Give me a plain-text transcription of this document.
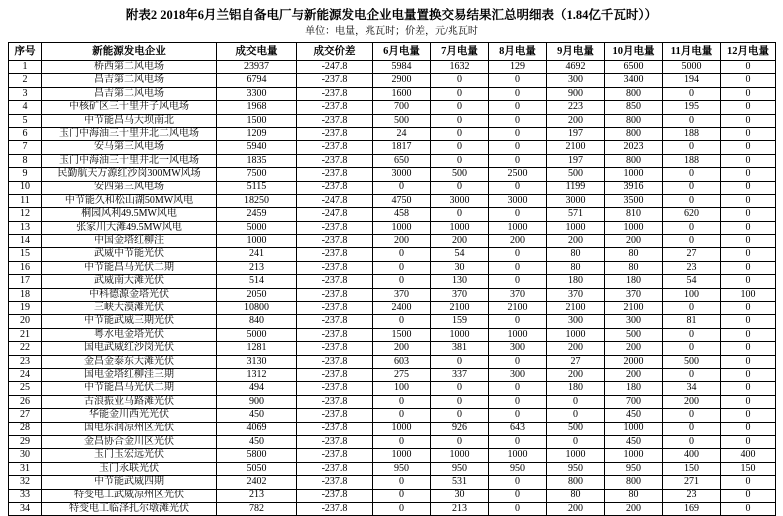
附表2 2018年6月兰铝自备电厂与新能源发电企业电量置换交易结果汇总明细表（1.84亿千瓦时））
单位：电量，兆瓦时；价差，元/兆瓦时
序号	新能源发电企业	成交电量	成交价差	6月电量	7月电量	8月电量	9月电量	10月电量	11月电量	12月电量
1	桥西第二风电场	23937	-247.8	5984	1632	129	4692	6500	5000	0
2	昌吉第二风电场	6794	-237.8	2900	0	0	300	3400	194	0
3	昌吉第二风电场	3300	-237.8	1600	0	0	900	800	0	0
4	中核矿区三十里井子风电场	1968	-237.8	700	0	0	223	850	195	0
5	中节能昌马大坝南北	1500	-237.8	500	0	0	200	800	0	0
6	玉门中海油三十里井北二风电场	1209	-237.8	24	0	0	197	800	188	0
7	安马第三风电场	5940	-237.8	1817	0	0	2100	2023	0	0
8	玉门中海油三十里井北一风电场	1835	-237.8	650	0	0	197	800	188	0
9	民勤航天万源红沙岗300MW风场	7500	-237.8	3000	500	2500	500	1000	0	0
10	安四第三风电场	5115	-237.8	0	0	0	1199	3916	0	0
11	中节能久和松山湖50MW风电	18250	-247.8	4750	3000	3000	3000	3500	0	0
12	桐园风利49.5MW风电	2459	-247.8	458	0	0	571	810	620	0
13	张家川大滩49.5MW风电	5000	-237.8	1000	1000	1000	1000	1000	0	0
14	中国金塔红柳注	1000	-237.8	200	200	200	200	200	0	0
15	武威中节能光伏	241	-237.8	0	54	0	80	80	27	0
16	中节能昌马光伏二期	213	-237.8	0	30	0	80	80	23	0
17	武威南大滩光伏	514	-237.8	0	130	0	180	180	54	0
18	中科德源金塔光伏	2050	-237.8	370	370	370	370	370	100	100
19	三峡大漠滩光伏	10800	-237.8	2400	2100	2100	2100	2100	0	0
20	中节能武威三期光伏	840	-237.8	0	159	0	300	300	81	0
21	粤水电金塔光伏	5000	-237.8	1500	1000	1000	1000	500	0	0
22	国电武威红沙岗光伏	1281	-237.8	200	381	300	200	200	0	0
23	金昌金泰东大滩光伏	3130	-237.8	603	0	0	27	2000	500	0
24	国电金塔红柳洼三期	1312	-237.8	275	337	300	200	200	0	0
25	中节能昌马光伏二期	494	-237.8	100	0	0	180	180	34	0
26	古浪振业马路滩光伏	900	-237.8	0	0	0	0	700	200	0
27	华能金川西光光伏	450	-237.8	0	0	0	0	450	0	0
28	国电东润凉州区光伏	4069	-237.8	1000	926	643	500	1000	0	0
29	金昌协合金川区光伏	450	-237.8	0	0	0	0	450	0	0
30	玉门玉宏远光伏	5800	-237.8	1000	1000	1000	1000	1000	400	400
31	玉门永联光伏	5050	-237.8	950	950	950	950	950	150	150
32	中节能武威四期	2402	-237.8	0	531	0	800	800	271	0
33	特变电工武威凉州区光伏	213	-237.8	0	30	0	80	80	23	0
34	特变电工临泽扎尔墩滩光伏	782	-237.8	0	213	0	200	200	169	0
